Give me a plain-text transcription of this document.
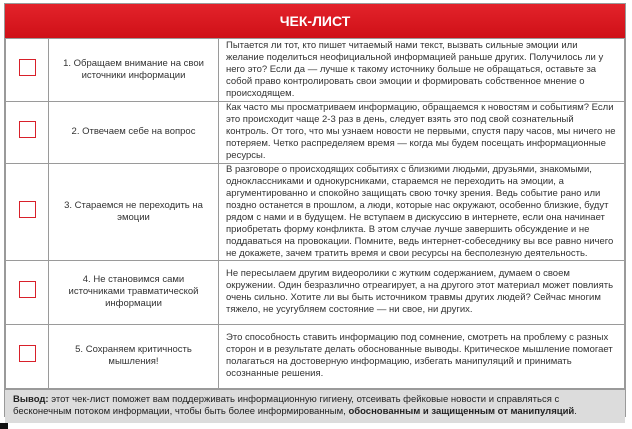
ЧЕК-ЛИСТ
	1. Обращаем внимание на свои источники информации	Пытается ли тот, кто пишет читаемый нами текст, вызвать сильные эмоции или желание поделиться неофициальной информацией раньше других. Получилось ли у него это? Если да — лучше к такому источнику больше не обращаться, оставьте за собой право контролировать свои эмоции и формировать собственное мнение о происходящем.
	2. Отвечаем себе на вопрос	Как часто мы просматриваем информацию, обращаемся к новостям и событиям? Если это происходит чаще 2-3 раз в день, следует взять это под свой сознательный контроль. От того, что мы узнаем новости не первыми, спустя пару часов, мы ничего не потеряем. Четко распределяем время — когда мы будем посещать информационные ресурсы.
	3. Стараемся не переходить на эмоции	В разговоре о происходящих событиях с близкими людьми, друзьями, знакомыми, одноклассниками и однокурсниками, стараемся не переходить на эмоции, а аргументированно и спокойно защищать свою точку зрения. Ведь событие рано или поздно останется в прошлом, а люди, которые нас окружают, особенно близкие, будут рядом с нами и в будущем. Не вступаем в дискуссию в интернете, если она начинает приобретать форму конфликта. В этом случае лучше завершить обсуждение и не поддаваться на провокации. Помните, ведь интернет-собеседнику вы все равно ничего не докажете, зачем тратить время и свои ресурсы на бесполезную деятельность.
	4. Не становимся сами источниками травматической информации	Не пересылаем другим видеоролики с жутким содержанием, думаем о своем окружении. Один безразлично отреагирует, а на другого этот материал может повлиять очень сильно. Хотите ли вы быть источником травмы других людей? Сейчас многим тяжело, не усугубляем состояние — ни свое, ни других.
	5. Сохраняем критичность мышления!	Это способность ставить информацию под сомнение, смотреть на проблему с разных сторон и в результате делать обоснованные выводы. Критическое мышление помогает полагаться на достоверную информацию, избегать манипуляций и принимать осознанные решения.
Вывод: этот чек-лист поможет вам поддерживать информационную гигиену, отсеивать фейковые новости и справляться с бесконечным потоком информации, чтобы быть более информированным, обоснованным и защищенным от манипуляций.
